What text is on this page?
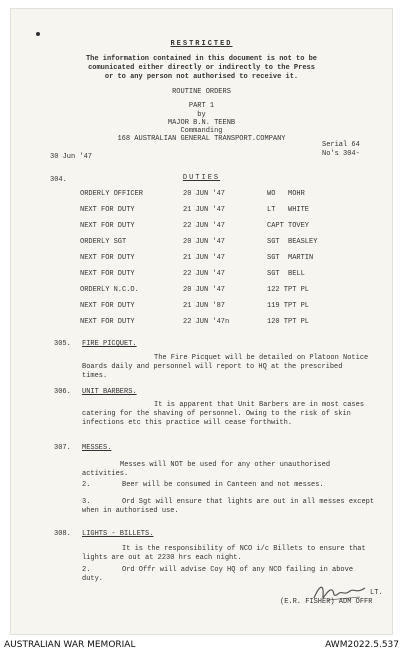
RESTRICTED
The information contained in this document is not to be
comunicated either directly or indirectly to the Press
or to any person not authorised to receive it.
ROUTINE ORDERS
PART 1
by
MAJOR B.N. TEENB
Commanding
168 AUSTRALIAN GENERAL TRANSPORT.COMPANY
Serial 64
No's 304-
30 Jun '47
304.	DUTIES
ORDERLY OFFICER	20 JUN '47	WO   MOHR
NEXT FOR DUTY	21 JUN '47	LT   WHITE
NEXT FOR DUTY	22 JUN '47	CAPT TOVEY
ORDERLY SGT	20 JUN '47	SGT  BEASLEY
NEXT FOR DUTY	21 JUN '47	SGT  MARTIN
NEXT FOR DUTY	22 JUN '47	SGT  BELL
ORDERLY N.C.O.	20 JUN '47	122 TPT PL
NEXT FOR DUTY	21 JUN '87	119 TPT PL
NEXT FOR DUTY	22 JUN '47n	120 TPT PL
305. FIRE PICQUET.
The Fire Picquet will be detailed on Platoon Notice Boards daily and personnel will report to HQ at the prescribed times.
306. UNIT BARBERS.
It is apparent that Unit Barbers are in most cases catering for the shaving of personnel. Owing to the risk of skin infections etc this practice will cease forthwith.
307. MESSES.
Messes will NOT be used for any other unauthorised activities.
2.	Beer will be consumed in Canteen and not messes.
3.	Ord Sgt will ensure that lights are out in all messes except when in authorised use.
308. LIGHTS - BILLETS.
It is the responsibility of NCO i/c Billets to ensure that lights are out at 2230 hrs each night.
2.	Ord Offr will advise Coy HQ of any NCO failing in above duty.
LT.
(E.R. FISHER) ADM OFFR
AUSTRALIAN WAR MEMORIAL	AWM2022.5.537
